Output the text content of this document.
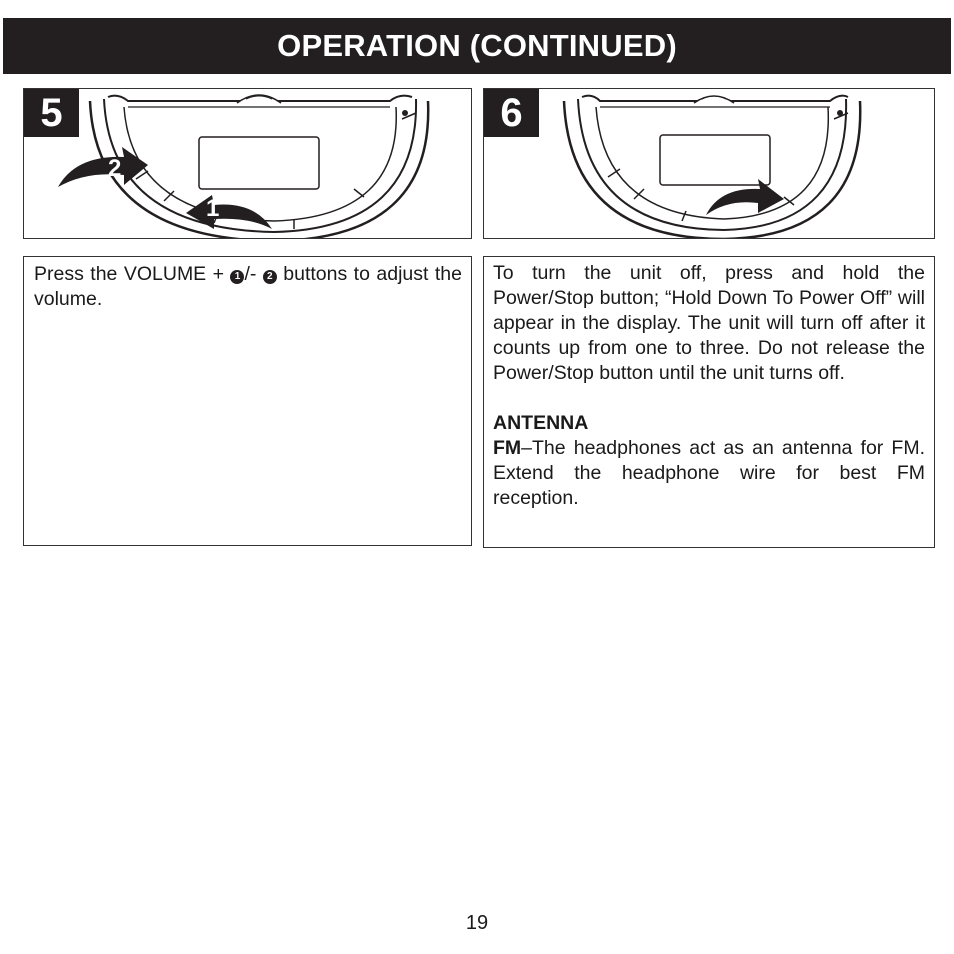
OPERATION (CONTINUED)
2
1
5	6

Press the VOLUME + 1 /- 2 buttons to adjust the volume.

To turn the unit off, press and hold the Power/Stop button; “Hold Down To Power Off” will appear in the display. The unit will turn off after it counts up from one to three. Do not release the Power/Stop button until the unit turns off.

ANTENNA

FM–The headphones act as an antenna for FM. Extend the headphone wire for best FM reception.

19
